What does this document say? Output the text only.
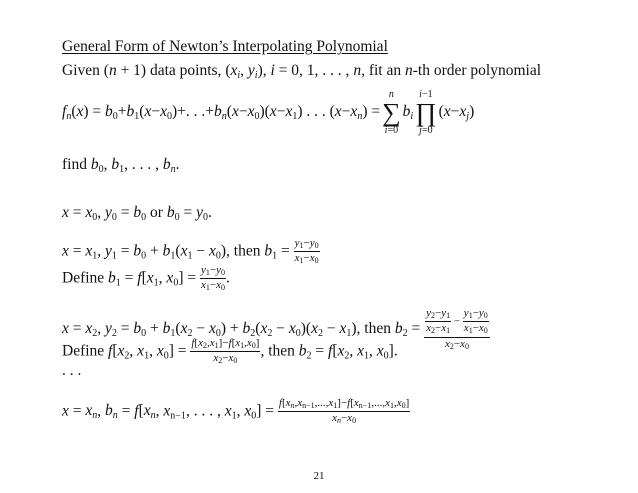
General Form of Newton’s Interpolating Polynomial
Given (n + 1) data points, (xi, yi), i = 0, 1, . . . , n, fit an n-th order polynomial
fn(x) = b0+b1(x−x0)+. . .+bn(x−x0)(x−x1) . . . (x−xn) =
n
∑
i=0
bi
i−1
∏
j=0
(x−xj)
find b0, b1, . . . , bn.
x = x0, y0 = b0 or b0 = y0.
x = x1, y1 = b0 + b1(x1 − x0), then $b1 = \frac{y1-y0}{x1-x0}$
Define b1 = f[x1, $x0] = \frac{y1-y0}{x1-x0}$ .
x = x2, y2 = b0 + b1(x2 − x0) + b2(x2 − x0)(x2 − x1), then $b2 = \frac{\frac{y2-y1}{x2-x1} - \frac{y1-y0}{x1-x0}}{x2-x0}$
Define f[x2, x1, $x0] = \frac{f[x2,x1]-f[x1,x0]}{x2-x0}$ , then b2 = f[x2, x1, x0].
. . .
x = xn, bn = f[xn, xn−1, . . . , x1, $x0] = \frac{f[xn,xn-1,...,x1]-f[xn-1,...,x1,x0]}{xn-x0}$
21
